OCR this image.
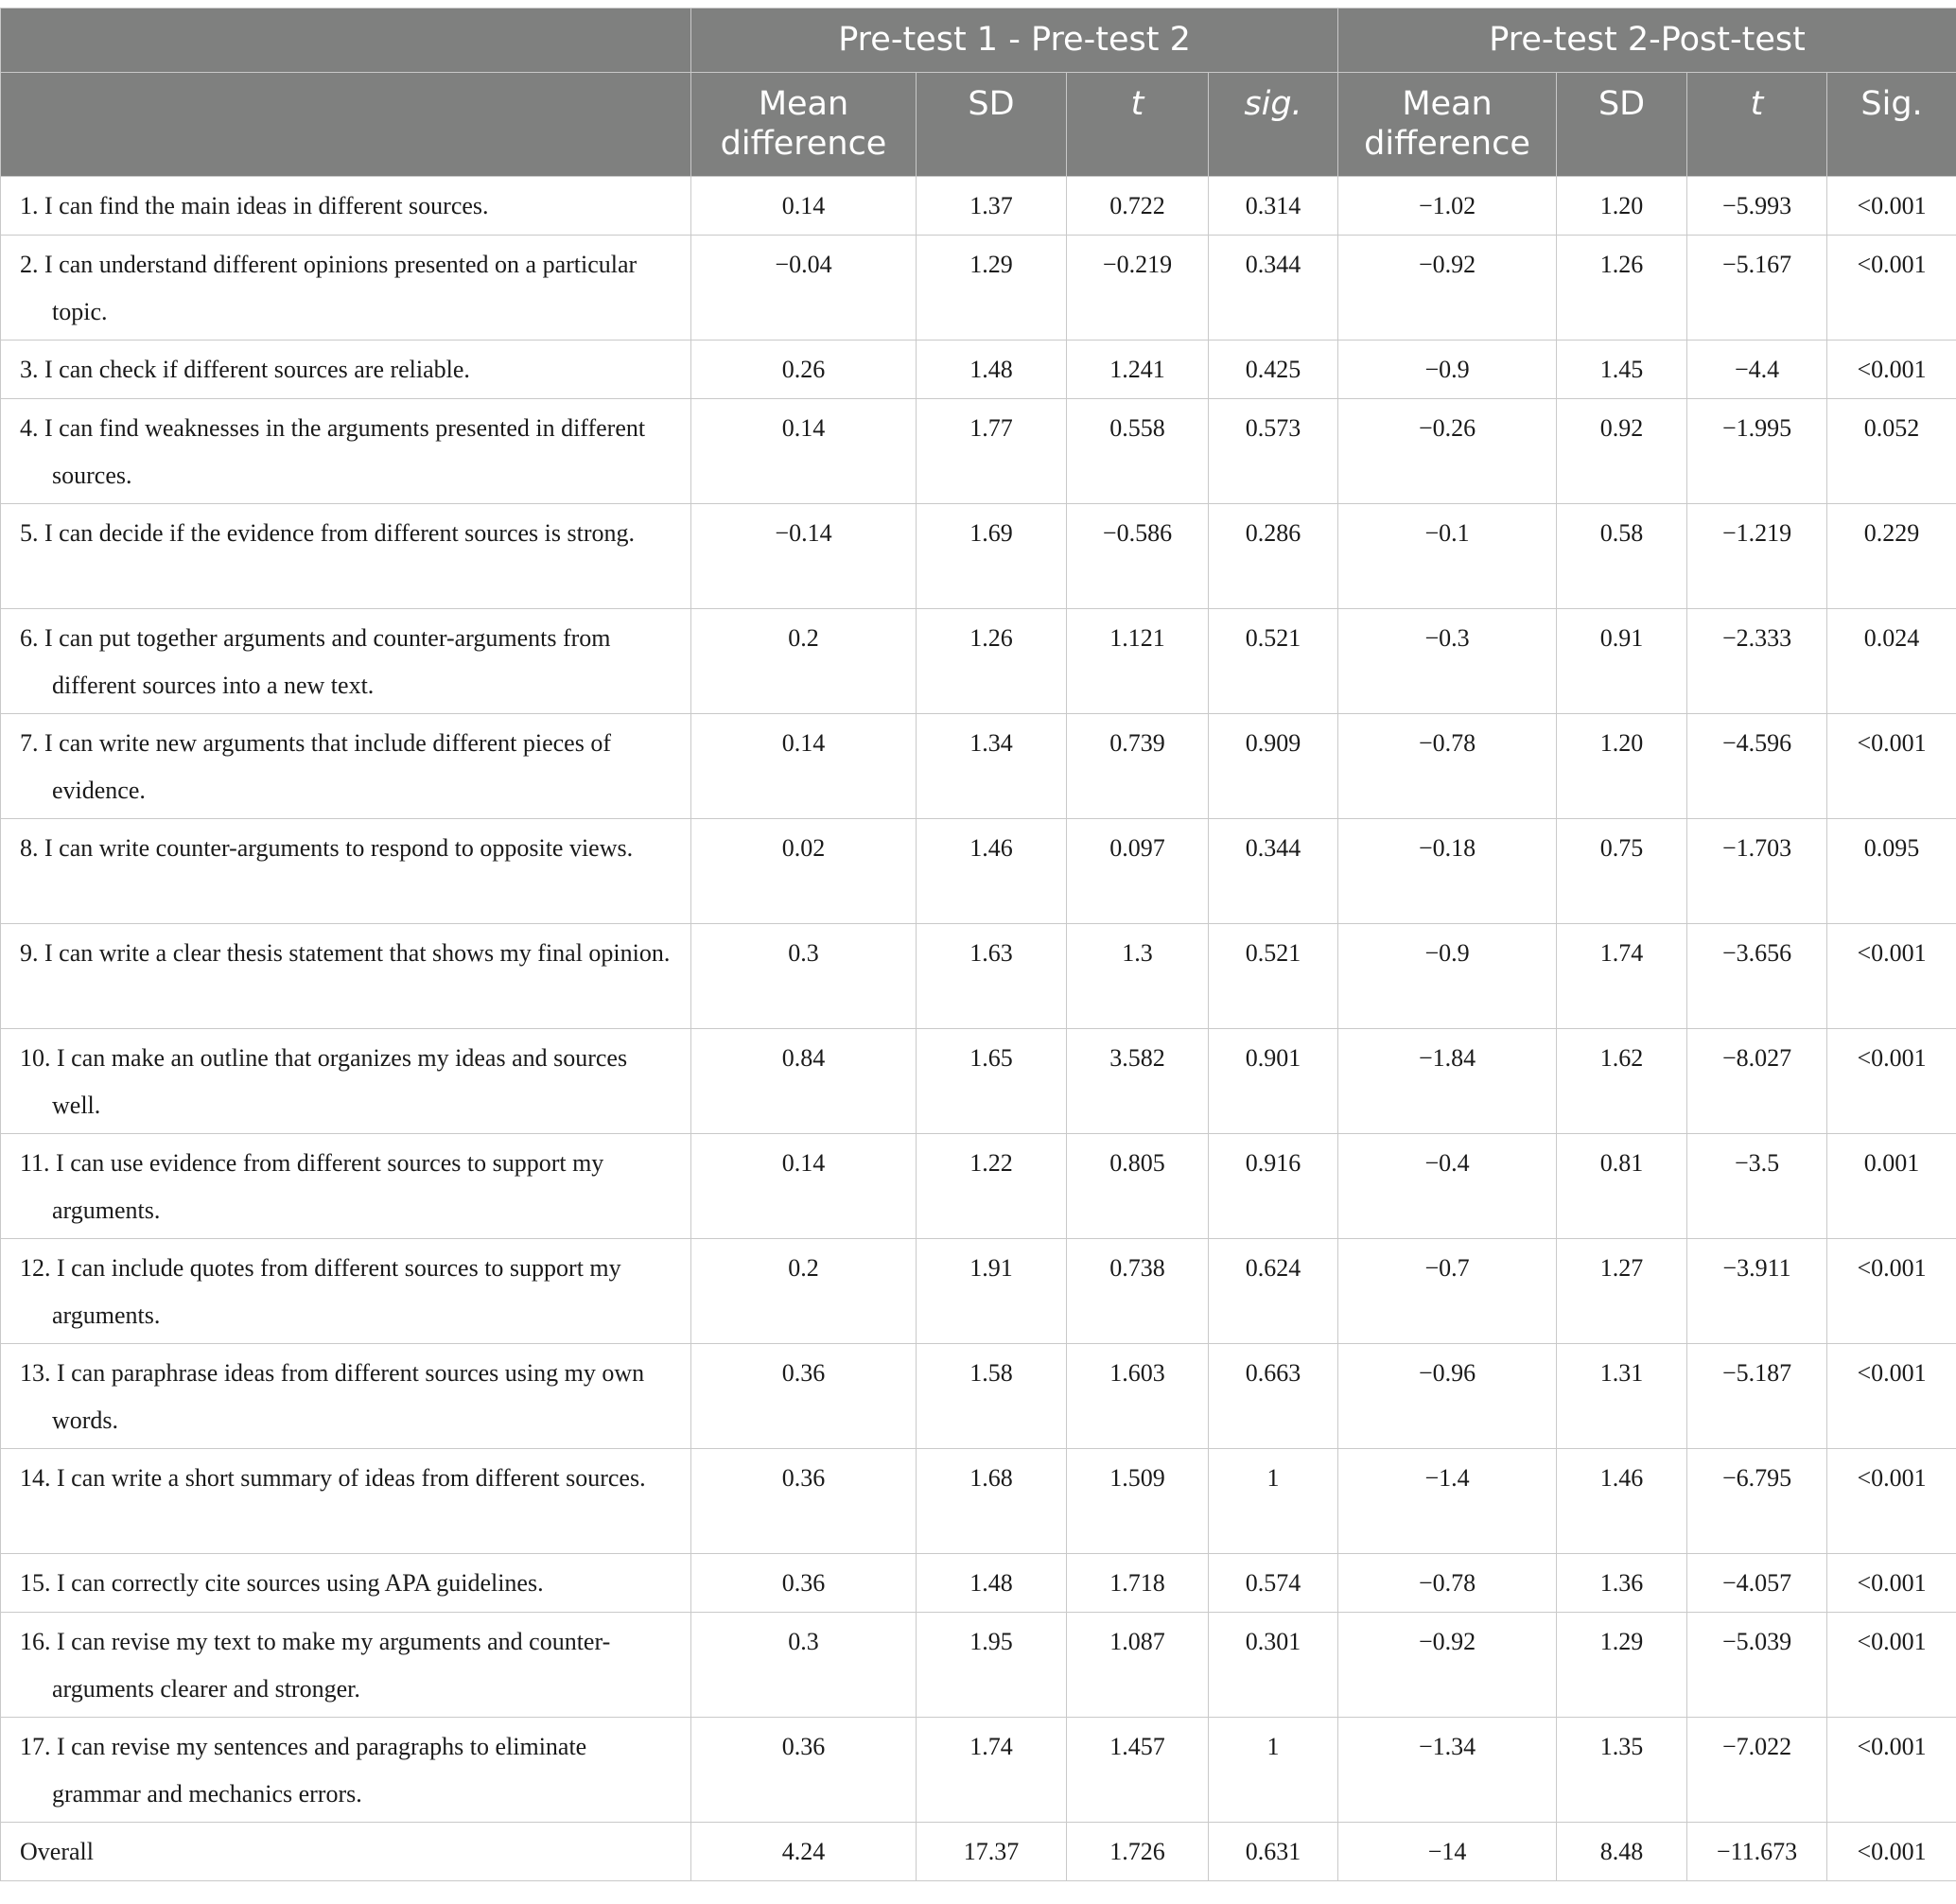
	Pre-test 1 - Pre-test 2				Pre-test 2-Post-test			
	Mean difference	SD	t	sig.	Mean difference	SD	t	Sig.

1. I can find the main ideas in different sources.	0.14	1.37	0.722	0.314	−1.02	1.20	−5.993	<0.001

2. I can understand different opinions presented on a particular topic.	−0.04	1.29	−0.219	0.344	−0.92	1.26	−5.167	<0.001

3. I can check if different sources are reliable.	0.26	1.48	1.241	0.425	−0.9	1.45	−4.4	<0.001

4. I can find weaknesses in the arguments presented in different sources.	0.14	1.77	0.558	0.573	−0.26	0.92	−1.995	0.052

5. I can decide if the evidence from different sources is strong.	−0.14	1.69	−0.586	0.286	−0.1	0.58	−1.219	0.229

6. I can put together arguments and counter-arguments from different sources into a new text.	0.2	1.26	1.121	0.521	−0.3	0.91	−2.333	0.024

7. I can write new arguments that include different pieces of evidence.	0.14	1.34	0.739	0.909	−0.78	1.20	−4.596	<0.001

8. I can write counter-arguments to respond to opposite views.	0.02	1.46	0.097	0.344	−0.18	0.75	−1.703	0.095

9. I can write a clear thesis statement that shows my final opinion.	0.3	1.63	1.3	0.521	−0.9	1.74	−3.656	<0.001

10. I can make an outline that organizes my ideas and sources well.	0.84	1.65	3.582	0.901	−1.84	1.62	−8.027	<0.001

11. I can use evidence from different sources to support my arguments.	0.14	1.22	0.805	0.916	−0.4	0.81	−3.5	0.001

12. I can include quotes from different sources to support my arguments.	0.2	1.91	0.738	0.624	−0.7	1.27	−3.911	<0.001

13. I can paraphrase ideas from different sources using my own words.	0.36	1.58	1.603	0.663	−0.96	1.31	−5.187	<0.001

14. I can write a short summary of ideas from different sources.	0.36	1.68	1.509	1	−1.4	1.46	−6.795	<0.001

15. I can correctly cite sources using APA guidelines.	0.36	1.48	1.718	0.574	−0.78	1.36	−4.057	<0.001

16. I can revise my text to make my arguments and counter-arguments clearer and stronger.	0.3	1.95	1.087	0.301	−0.92	1.29	−5.039	<0.001

17. I can revise my sentences and paragraphs to eliminate grammar and mechanics errors.	0.36	1.74	1.457	1	−1.34	1.35	−7.022	<0.001

Overall	4.24	17.37	1.726	0.631	−14	8.48	−11.673	<0.001
